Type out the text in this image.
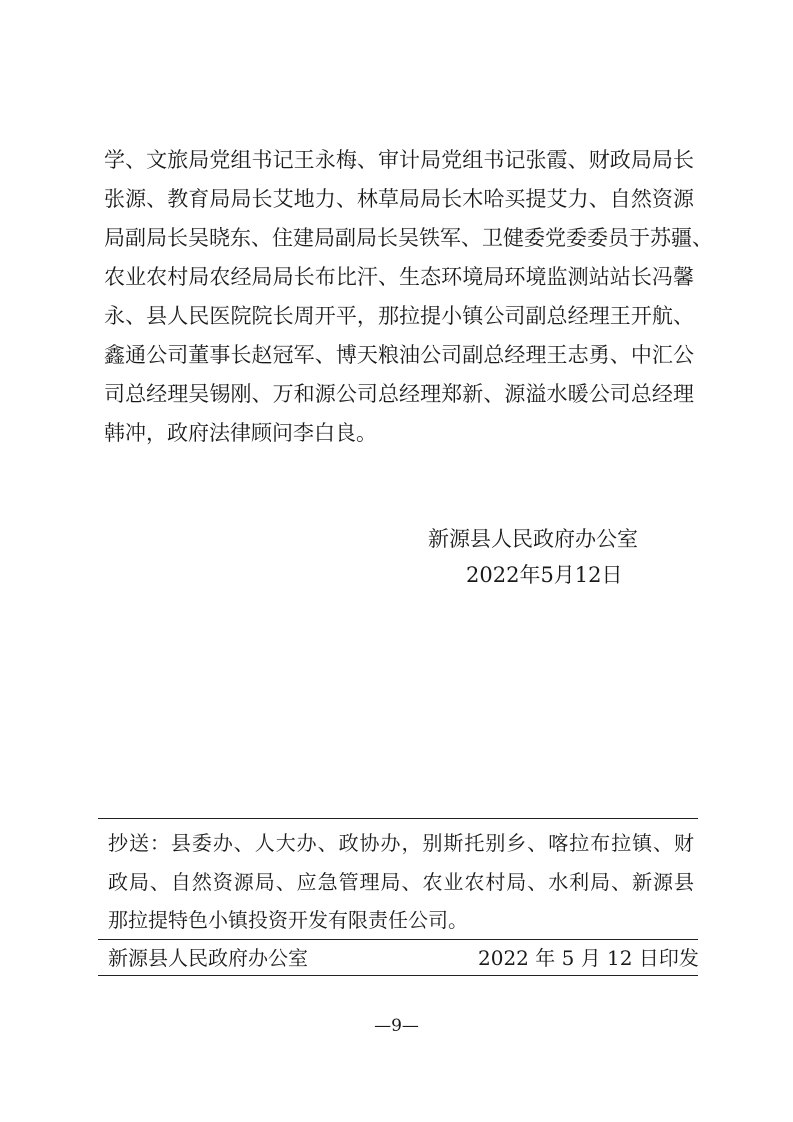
学、文旅局党组书记王永梅、审计局党组书记张霞、财政局局长
张源、教育局局长艾地力、林草局局长木哈买提艾力、自然资源
局副局长吴晓东、住建局副局长吴铁军、卫健委党委委员于苏疆、
农业农村局农经局局长布比汗、生态环境局环境监测站站长冯馨
永、县人民医院院长周开平，那拉提小镇公司副总经理王开航、
鑫通公司董事长赵冠军、博天粮油公司副总经理王志勇、中汇公
司总经理吴锡刚、万和源公司总经理郑新、源溢水暖公司总经理
韩冲，政府法律顾问李白良。
新源县人民政府办公室
2022年5月12日
抄送：县委办、人大办、政协办，别斯托别乡、喀拉布拉镇、财
政局、自然资源局、应急管理局、农业农村局、水利局、新源县
那拉提特色小镇投资开发有限责任公司。
新源县人民政府办公室	2022 年 5 月 12 日印发
—9—
